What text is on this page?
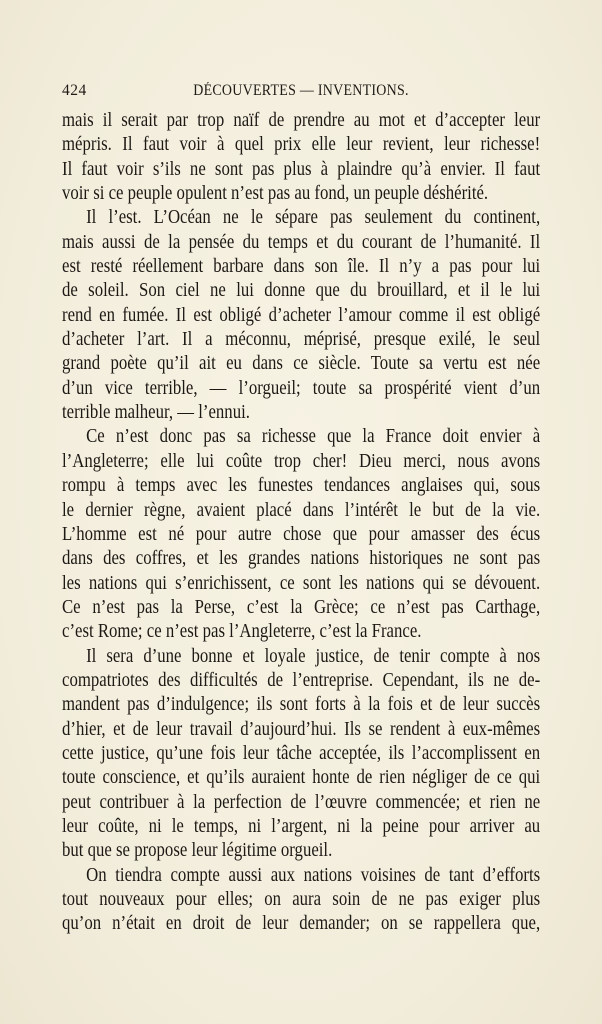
424	DÉCOUVERTES — INVENTIONS.
mais il serait par trop naïf de prendre au mot et d’accepter leur
mépris. Il faut voir à quel prix elle leur revient, leur richesse!
Il faut voir s’ils ne sont pas plus à plaindre qu’à envier. Il faut
voir si ce peuple opulent n’est pas au fond, un peuple déshérité.
Il l’est. L’Océan ne le sépare pas seulement du continent,
mais aussi de la pensée du temps et du courant de l’humanité. Il
est resté réellement barbare dans son île. Il n’y a pas pour lui
de soleil. Son ciel ne lui donne que du brouillard, et il le lui
rend en fumée. Il est obligé d’acheter l’amour comme il est obligé
d’acheter l’art. Il a méconnu, méprisé, presque exilé, le seul
grand poète qu’il ait eu dans ce siècle. Toute sa vertu est née
d’un vice terrible, — l’orgueil; toute sa prospérité vient d’un
terrible malheur, — l’ennui.
Ce n’est donc pas sa richesse que la France doit envier à
l’Angleterre; elle lui coûte trop cher! Dieu merci, nous avons
rompu à temps avec les funestes tendances anglaises qui, sous
le dernier règne, avaient placé dans l’intérêt le but de la vie.
L’homme est né pour autre chose que pour amasser des écus
dans des coffres, et les grandes nations historiques ne sont pas
les nations qui s’enrichissent, ce sont les nations qui se dévouent.
Ce n’est pas la Perse, c’est la Grèce; ce n’est pas Carthage,
c’est Rome; ce n’est pas l’Angleterre, c’est la France.
Il sera d’une bonne et loyale justice, de tenir compte à nos
compatriotes des difficultés de l’entreprise. Cependant, ils ne de-
mandent pas d’indulgence; ils sont forts à la fois et de leur succès
d’hier, et de leur travail d’aujourd’hui. Ils se rendent à eux-mêmes
cette justice, qu’une fois leur tâche acceptée, ils l’accomplissent en
toute conscience, et qu’ils auraient honte de rien négliger de ce qui
peut contribuer à la perfection de l’œuvre commencée; et rien ne
leur coûte, ni le temps, ni l’argent, ni la peine pour arriver au
but que se propose leur légitime orgueil.
On tiendra compte aussi aux nations voisines de tant d’efforts
tout nouveaux pour elles; on aura soin de ne pas exiger plus
qu’on n’était en droit de leur demander; on se rappellera que,
